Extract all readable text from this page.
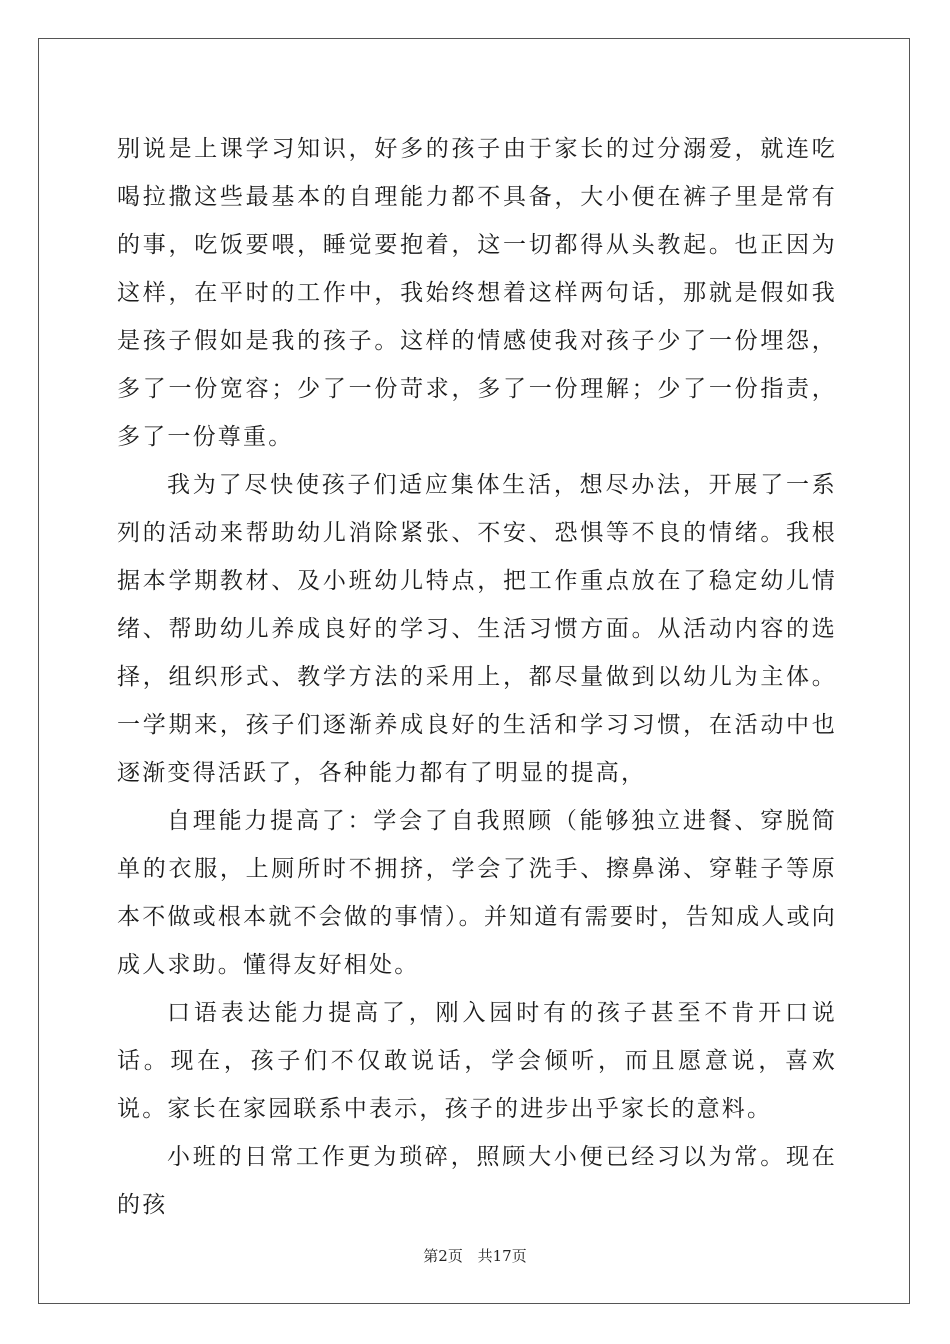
别说是上课学习知识，好多的孩子由于家长的过分溺爱，就连吃喝拉撒这些最基本的自理能力都不具备，大小便在裤子里是常有的事，吃饭要喂，睡觉要抱着，这一切都得从头教起。也正因为这样，在平时的工作中，我始终想着这样两句话，那就是假如我是孩子假如是我的孩子。这样的情感使我对孩子少了一份埋怨，多了一份宽容；少了一份苛求，多了一份理解；少了一份指责，多了一份尊重。

我为了尽快使孩子们适应集体生活，想尽办法，开展了一系列的活动来帮助幼儿消除紧张、不安、恐惧等不良的情绪。我根据本学期教材、及小班幼儿特点，把工作重点放在了稳定幼儿情绪、帮助幼儿养成良好的学习、生活习惯方面。从活动内容的选择，组织形式、教学方法的采用上，都尽量做到以幼儿为主体。一学期来，孩子们逐渐养成良好的生活和学习习惯，在活动中也逐渐变得活跃了，各种能力都有了明显的提高，

自理能力提高了：学会了自我照顾（能够独立进餐、穿脱简单的衣服，上厕所时不拥挤，学会了洗手、擦鼻涕、穿鞋子等原本不做或根本就不会做的事情）。并知道有需要时，告知成人或向成人求助。懂得友好相处。

口语表达能力提高了，刚入园时有的孩子甚至不肯开口说话。现在，孩子们不仅敢说话，学会倾听，而且愿意说，喜欢说。家长在家园联系中表示，孩子的进步出乎家长的意料。

小班的日常工作更为琐碎，照顾大小便已经习以为常。现在的孩

第2页 共17页
